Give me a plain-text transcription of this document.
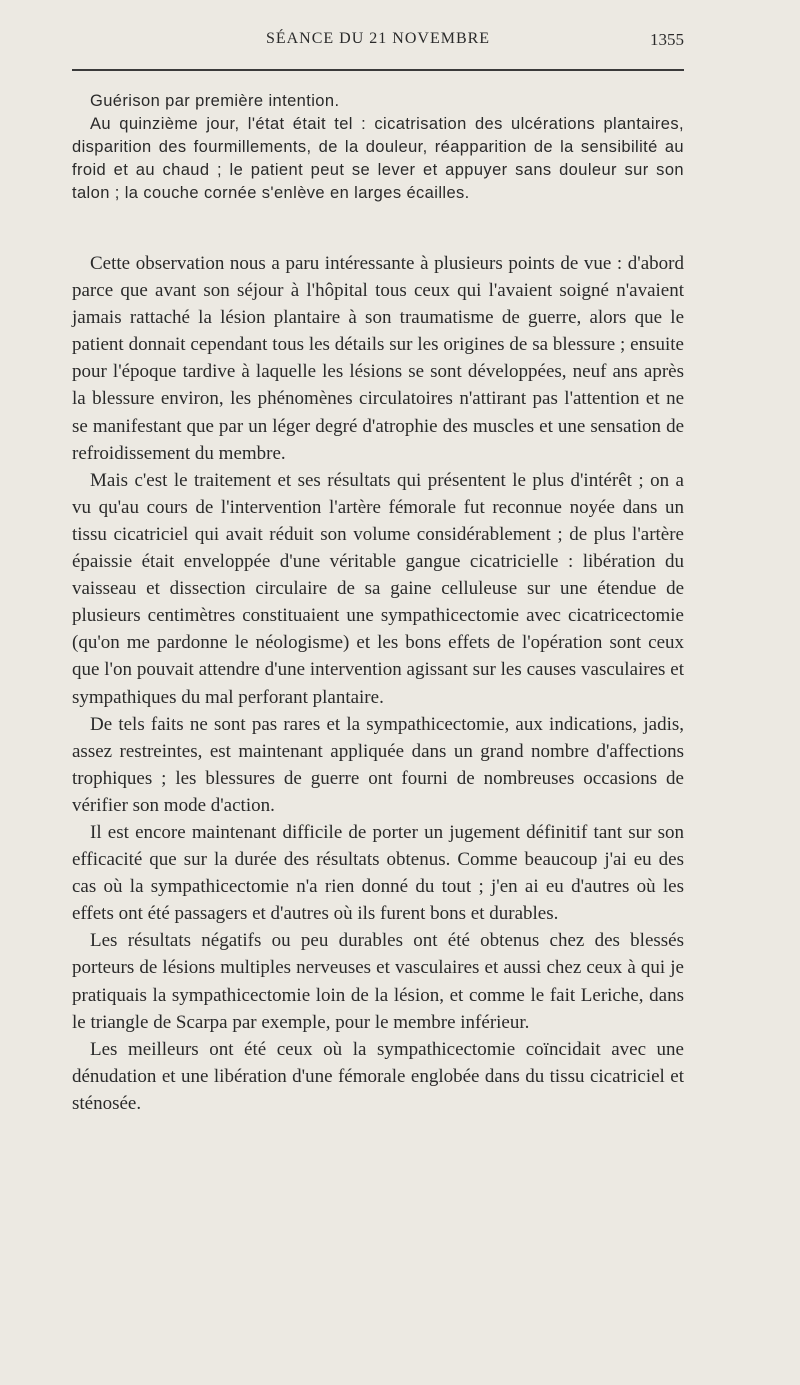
SÉANCE DU 21 NOVEMBRE	1355

Guérison par première intention.

Au quinzième jour, l'état était tel : cicatrisation des ulcérations plantaires, disparition des fourmillements, de la douleur, réapparition de la sensibilité au froid et au chaud ; le patient peut se lever et appuyer sans douleur sur son talon ; la couche cornée s'enlève en larges écailles.

Cette observation nous a paru intéressante à plusieurs points de vue : d'abord parce que avant son séjour à l'hôpital tous ceux qui l'avaient soigné n'avaient jamais rattaché la lésion plantaire à son traumatisme de guerre, alors que le patient donnait cependant tous les détails sur les origines de sa blessure ; ensuite pour l'époque tardive à laquelle les lésions se sont développées, neuf ans après la blessure environ, les phénomènes circulatoires n'attirant pas l'attention et ne se manifestant que par un léger degré d'atrophie des muscles et une sensation de refroidissement du membre.

Mais c'est le traitement et ses résultats qui présentent le plus d'intérêt ; on a vu qu'au cours de l'intervention l'artère fémorale fut reconnue noyée dans un tissu cicatriciel qui avait réduit son volume considérablement ; de plus l'artère épaissie était enveloppée d'une véritable gangue cicatricielle : libération du vaisseau et dissection circulaire de sa gaine celluleuse sur une étendue de plusieurs centimètres constituaient une sympathicectomie avec cicatricectomie (qu'on me pardonne le néologisme) et les bons effets de l'opération sont ceux que l'on pouvait attendre d'une intervention agissant sur les causes vasculaires et sympathiques du mal perforant plantaire.

De tels faits ne sont pas rares et la sympathicectomie, aux indications, jadis, assez restreintes, est maintenant appliquée dans un grand nombre d'affections trophiques ; les blessures de guerre ont fourni de nombreuses occasions de vérifier son mode d'action.

Il est encore maintenant difficile de porter un jugement définitif tant sur son efficacité que sur la durée des résultats obtenus. Comme beaucoup j'ai eu des cas où la sympathicectomie n'a rien donné du tout ; j'en ai eu d'autres où les effets ont été passagers et d'autres où ils furent bons et durables.

Les résultats négatifs ou peu durables ont été obtenus chez des blessés porteurs de lésions multiples nerveuses et vasculaires et aussi chez ceux à qui je pratiquais la sympathicectomie loin de la lésion, et comme le fait Leriche, dans le triangle de Scarpa par exemple, pour le membre inférieur.

Les meilleurs ont été ceux où la sympathicectomie coïncidait avec une dénudation et une libération d'une fémorale englobée dans du tissu cicatriciel et sténosée.
